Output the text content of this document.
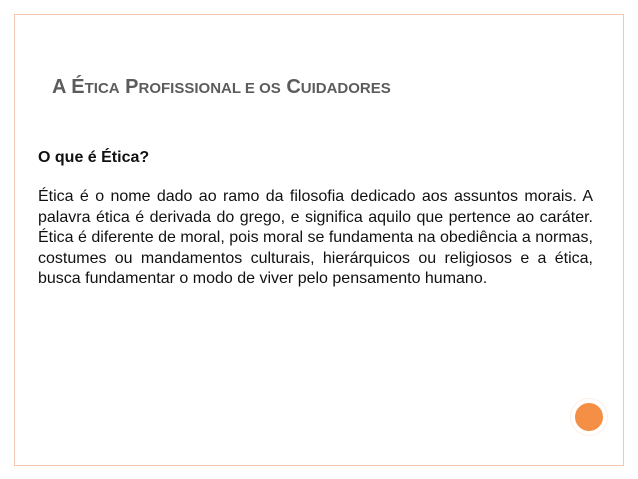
A ÉTICA PROFISSIONAL E OS CUIDADORES

O que é Ética?

Ética é o nome dado ao ramo da filosofia dedicado aos assuntos morais. A palavra ética é derivada do grego, e significa aquilo que pertence ao caráter. Ética é diferente de moral, pois moral se fundamenta na obediência a normas, costumes ou mandamentos culturais, hierárquicos ou religiosos e a ética, busca fundamentar o modo de viver pelo pensamento humano.
